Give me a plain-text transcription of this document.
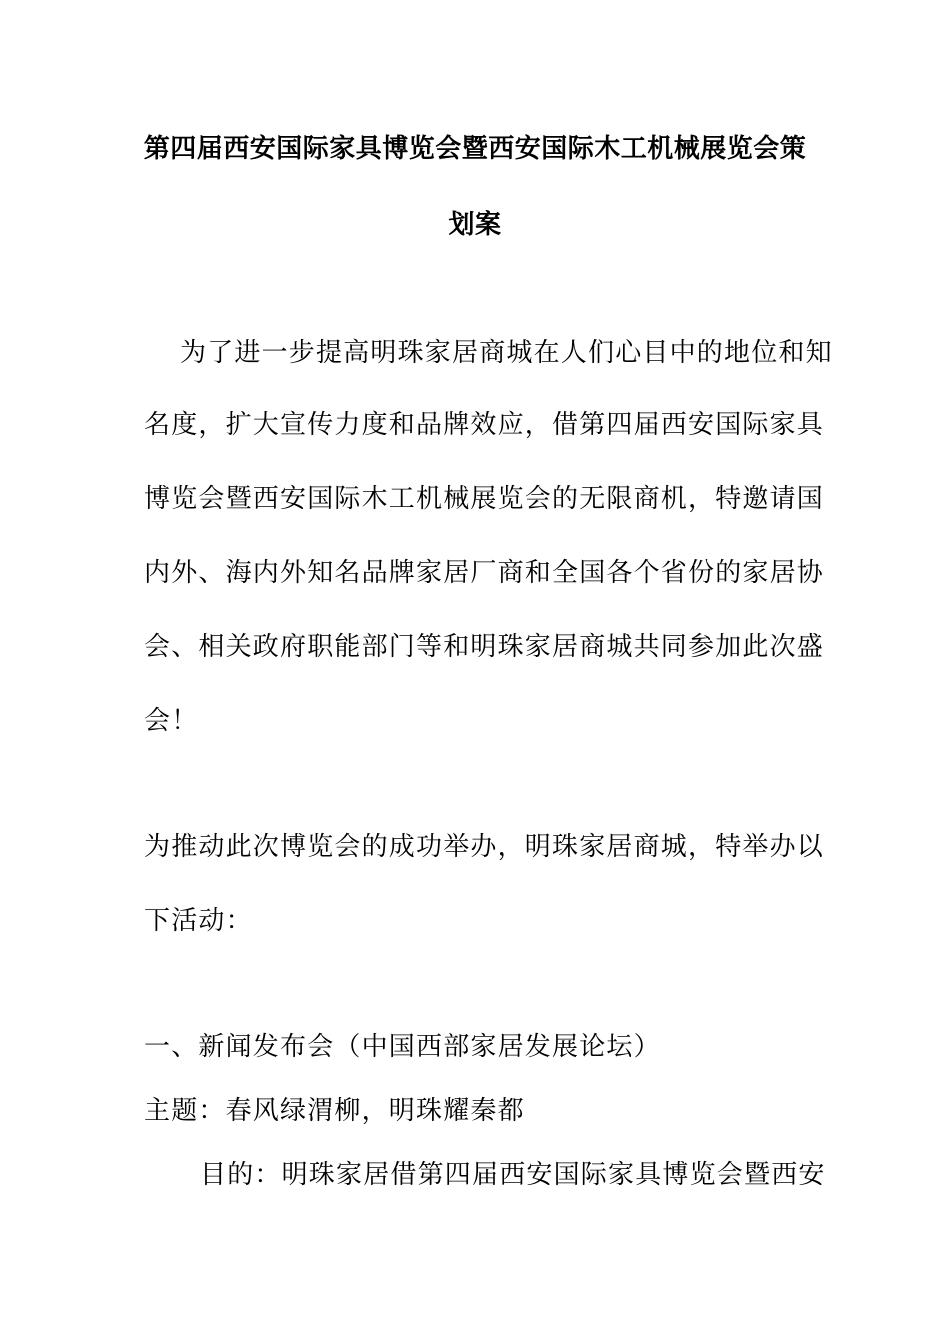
第四届西安国际家具博览会暨西安国际木工机械展览会策
划案
为了进一步提高明珠家居商城在人们心目中的地位和知
名度，扩大宣传力度和品牌效应，借第四届西安国际家具
博览会暨西安国际木工机械展览会的无限商机，特邀请国
内外、海内外知名品牌家居厂商和全国各个省份的家居协
会、相关政府职能部门等和明珠家居商城共同参加此次盛
会！
为推动此次博览会的成功举办，明珠家居商城，特举办以
下活动：
一、新闻发布会（中国西部家居发展论坛）
主题：春风绿渭柳，明珠耀秦都
目的：明珠家居借第四届西安国际家具博览会暨西安
